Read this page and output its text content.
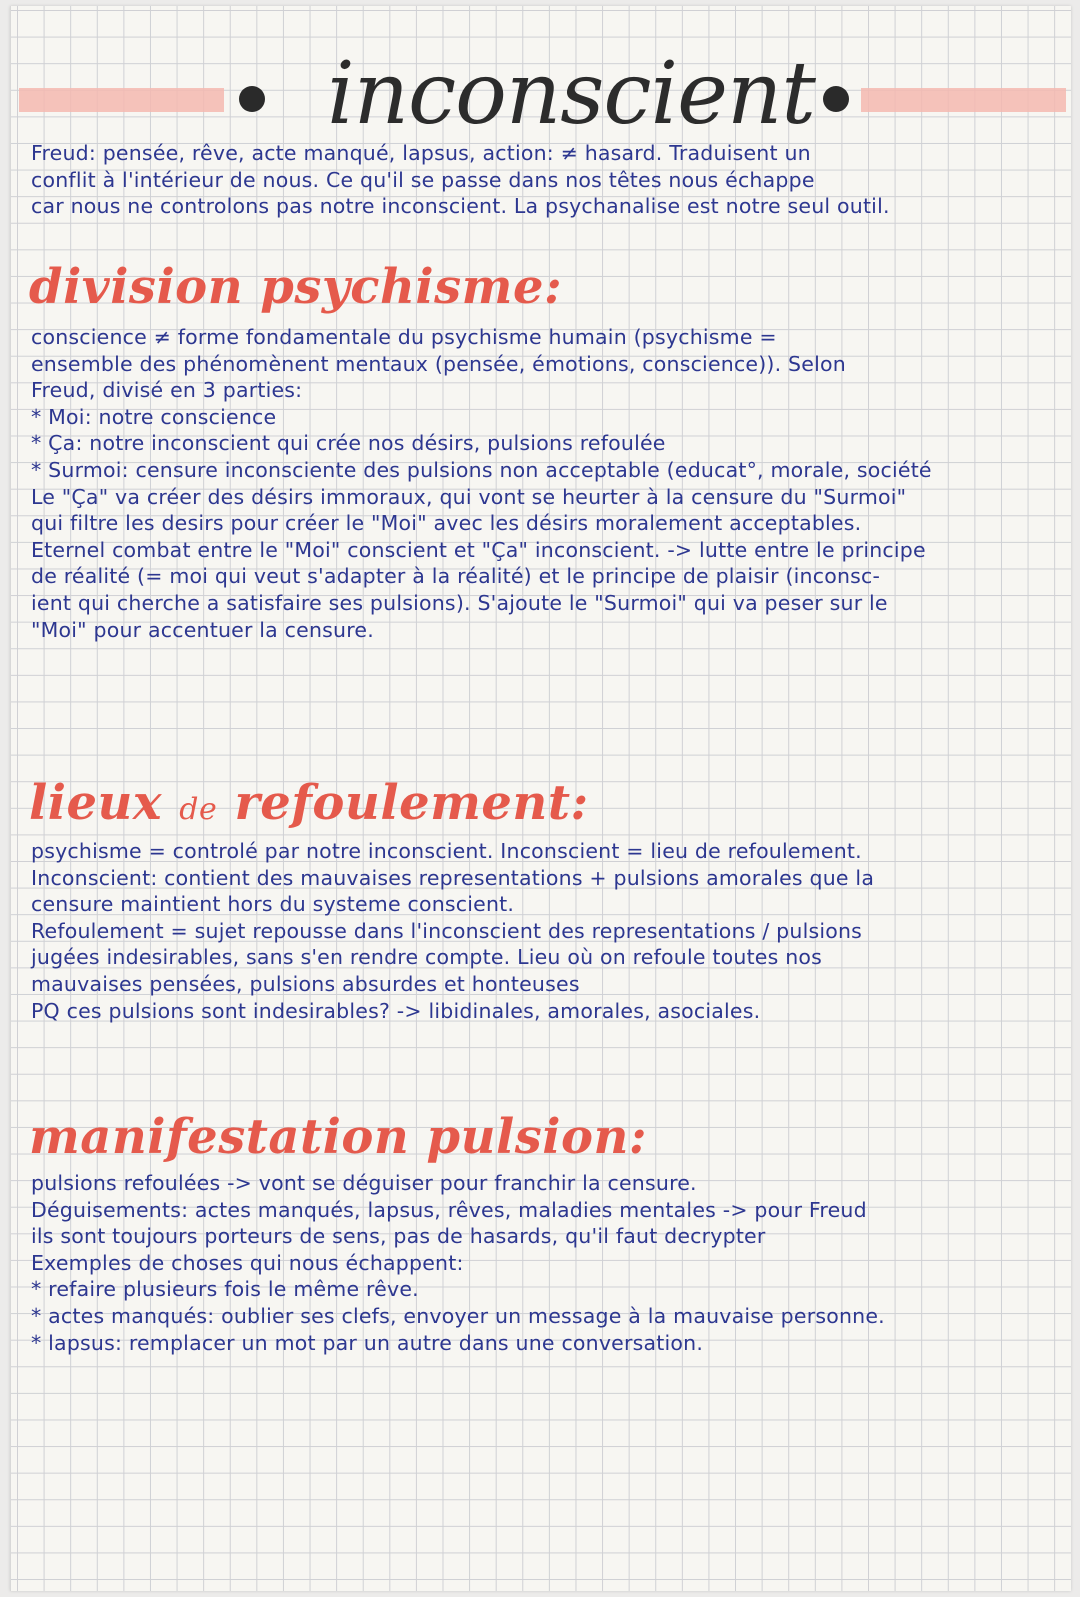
inconscient
Freud: pensée, rêve, acte manqué, lapsus, action: ≠ hasard. Traduisent un
conflit à l'intérieur de nous. Ce qu'il se passe dans nos têtes nous échappe
car nous ne controlons pas notre inconscient. La psychanalise est notre seul outil.
division psychisme:
conscience ≠ forme fondamentale du psychisme humain (psychisme =
ensemble des phénomènent mentaux (pensée, émotions, conscience)). Selon
Freud, divisé en 3 parties:
* Moi: notre conscience
* Ça: notre inconscient qui crée nos désirs, pulsions refoulée
* Surmoi: censure inconsciente des pulsions non acceptable (educat°, morale, société
Le "Ça" va créer des désirs immoraux, qui vont se heurter à la censure du "Surmoi"
qui filtre les desirs pour créer le "Moi" avec les désirs moralement acceptables.
Eternel combat entre le "Moi" conscient et "Ça" inconscient. -> lutte entre le principe
de réalité (= moi qui veut s'adapter à la réalité) et le principe de plaisir (inconsc-
ient qui cherche a satisfaire ses pulsions). S'ajoute le "Surmoi" qui va peser sur le
"Moi" pour accentuer la censure.
lieux de refoulement:
psychisme = controlé par notre inconscient. Inconscient = lieu de refoulement.
Inconscient: contient des mauvaises representations + pulsions amorales que la
censure maintient hors du systeme conscient.
Refoulement = sujet repousse dans l'inconscient des representations / pulsions
jugées indesirables, sans s'en rendre compte. Lieu où on refoule toutes nos
mauvaises pensées, pulsions absurdes et honteuses
PQ ces pulsions sont indesirables? -> libidinales, amorales, asociales.
manifestation pulsion:
pulsions refoulées -> vont se déguiser pour franchir la censure.
Déguisements: actes manqués, lapsus, rêves, maladies mentales -> pour Freud
ils sont toujours porteurs de sens, pas de hasards, qu'il faut decrypter
Exemples de choses qui nous échappent:
* refaire plusieurs fois le même rêve.
* actes manqués: oublier ses clefs, envoyer un message à la mauvaise personne.
* lapsus: remplacer un mot par un autre dans une conversation.
